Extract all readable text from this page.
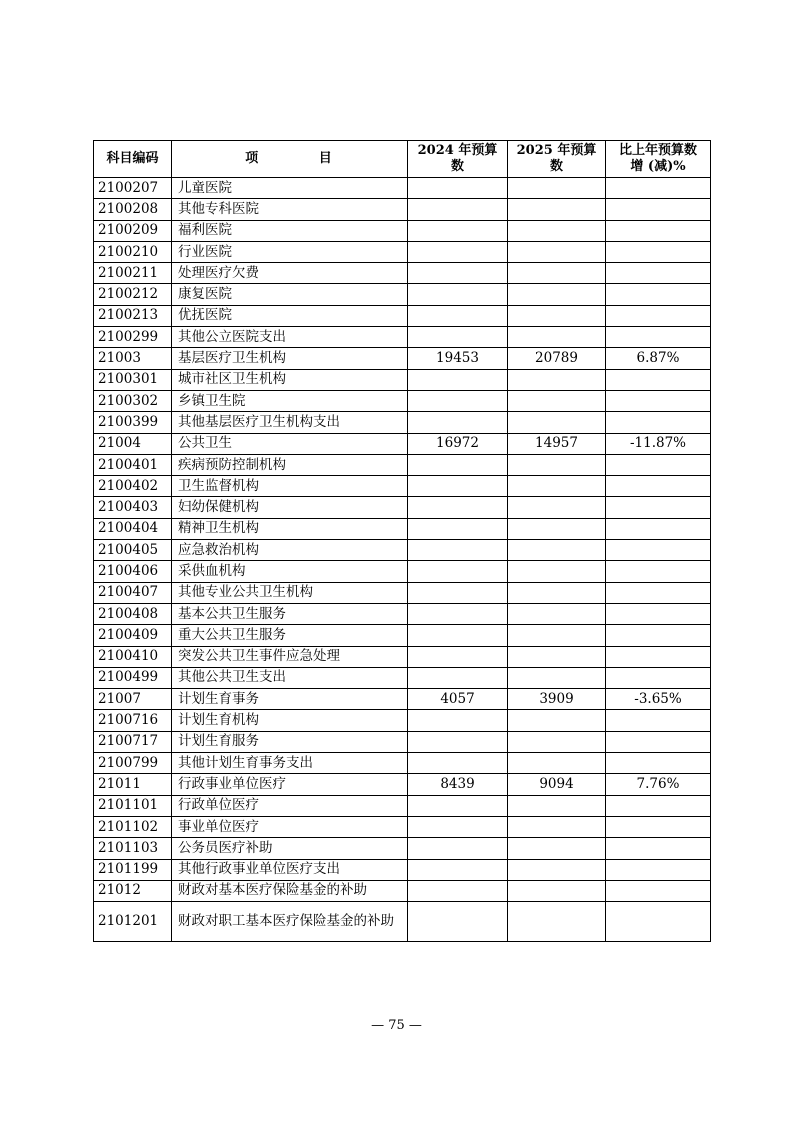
科目编码	项 目	2024 年预算数	2025 年预算数	比上年预算数
增 (减)%
2100207	儿童医院			
2100208	其他专科医院			
2100209	福利医院			
2100210	行业医院			
2100211	处理医疗欠费			
2100212	康复医院			
2100213	优抚医院			
2100299	其他公立医院支出			
21003	基层医疗卫生机构	19453	20789	6.87%
2100301	城市社区卫生机构			
2100302	乡镇卫生院			
2100399	其他基层医疗卫生机构支出			
21004	公共卫生	16972	14957	-11.87%
2100401	疾病预防控制机构			
2100402	卫生监督机构			
2100403	妇幼保健机构			
2100404	精神卫生机构			
2100405	应急救治机构			
2100406	采供血机构			
2100407	其他专业公共卫生机构			
2100408	基本公共卫生服务			
2100409	重大公共卫生服务			
2100410	突发公共卫生事件应急处理			
2100499	其他公共卫生支出			
21007	计划生育事务	4057	3909	-3.65%
2100716	计划生育机构			
2100717	计划生育服务			
2100799	其他计划生育事务支出			
21011	行政事业单位医疗	8439	9094	7.76%
2101101	行政单位医疗			
2101102	事业单位医疗			
2101103	公务员医疗补助			
2101199	其他行政事业单位医疗支出			
21012	财政对基本医疗保险基金的补助			
2101201	财政对职工基本医疗保险基金的补助			
— 75 —
